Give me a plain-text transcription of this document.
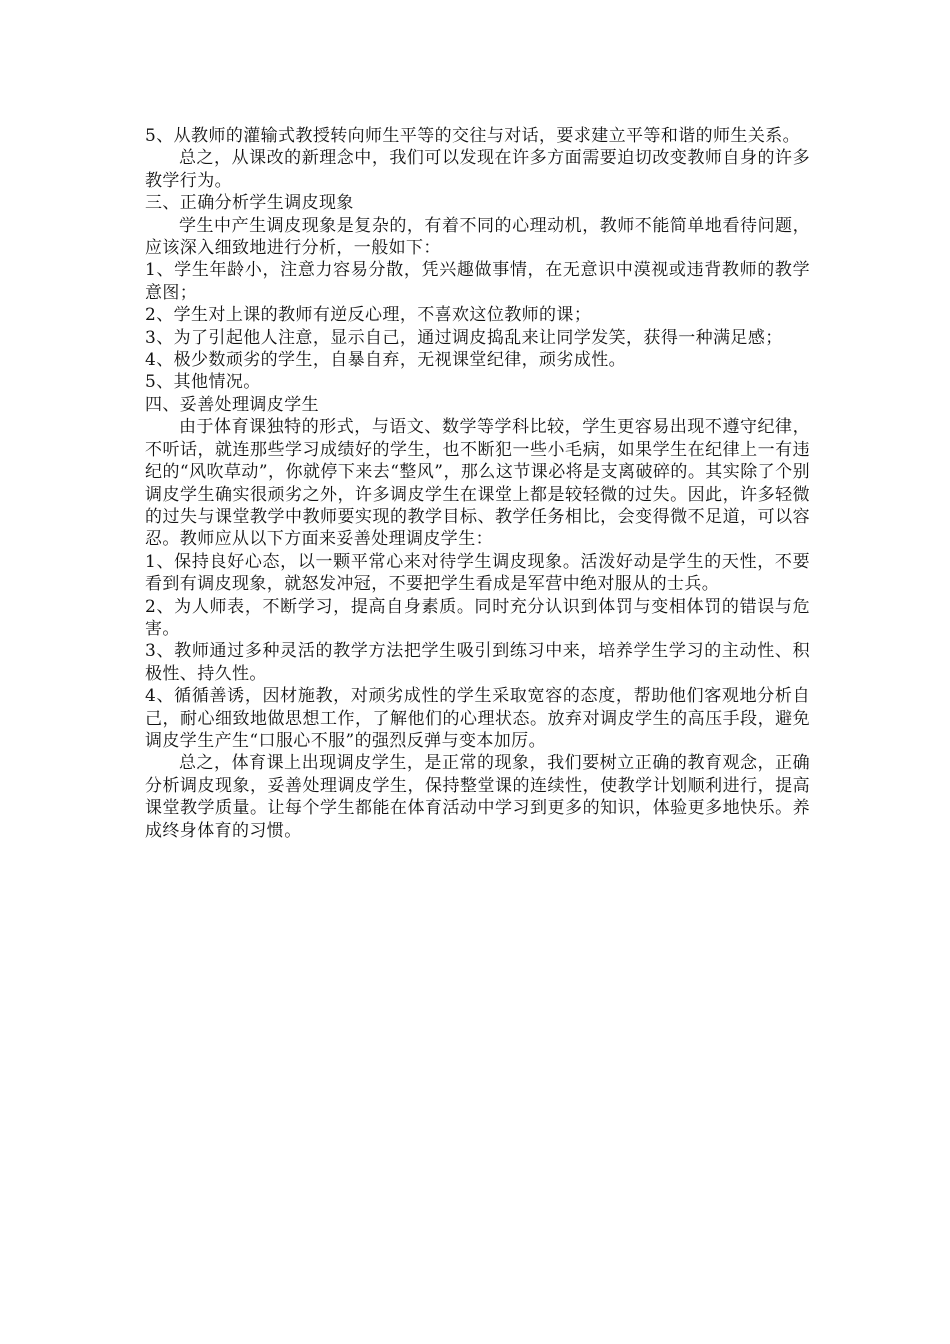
5、从教师的灌输式教授转向师生平等的交往与对话，要求建立平等和谐的师生关系。

总之，从课改的新理念中，我们可以发现在许多方面需要迫切改变教师自身的许多教学行为。

三、正确分析学生调皮现象

学生中产生调皮现象是复杂的，有着不同的心理动机，教师不能简单地看待问题，应该深入细致地进行分析，一般如下：

1、学生年龄小，注意力容易分散，凭兴趣做事情，在无意识中漠视或违背教师的教学意图；

2、学生对上课的教师有逆反心理，不喜欢这位教师的课；

3、为了引起他人注意，显示自己，通过调皮捣乱来让同学发笑，获得一种满足感；

4、极少数顽劣的学生，自暴自弃，无视课堂纪律，顽劣成性。

5、其他情况。

四、妥善处理调皮学生

由于体育课独特的形式，与语文、数学等学科比较，学生更容易出现不遵守纪律，不听话，就连那些学习成绩好的学生，也不断犯一些小毛病，如果学生在纪律上一有违纪的“风吹草动”，你就停下来去“整风”，那么这节课必将是支离破碎的。其实除了个别调皮学生确实很顽劣之外，许多调皮学生在课堂上都是较轻微的过失。因此，许多轻微的过失与课堂教学中教师要实现的教学目标、教学任务相比，会变得微不足道，可以容忍。教师应从以下方面来妥善处理调皮学生：

1、保持良好心态，以一颗平常心来对待学生调皮现象。活泼好动是学生的天性，不要看到有调皮现象，就怒发冲冠，不要把学生看成是军营中绝对服从的士兵。

2、为人师表，不断学习，提高自身素质。同时充分认识到体罚与变相体罚的错误与危害。

3、教师通过多种灵活的教学方法把学生吸引到练习中来，培养学生学习的主动性、积极性、持久性。

4、循循善诱，因材施教，对顽劣成性的学生采取宽容的态度，帮助他们客观地分析自己，耐心细致地做思想工作，了解他们的心理状态。放弃对调皮学生的高压手段，避免调皮学生产生“口服心不服”的强烈反弹与变本加厉。

总之，体育课上出现调皮学生，是正常的现象，我们要树立正确的教育观念，正确分析调皮现象，妥善处理调皮学生，保持整堂课的连续性，使教学计划顺利进行，提高课堂教学质量。让每个学生都能在体育活动中学习到更多的知识，体验更多地快乐。养成终身体育的习惯。
